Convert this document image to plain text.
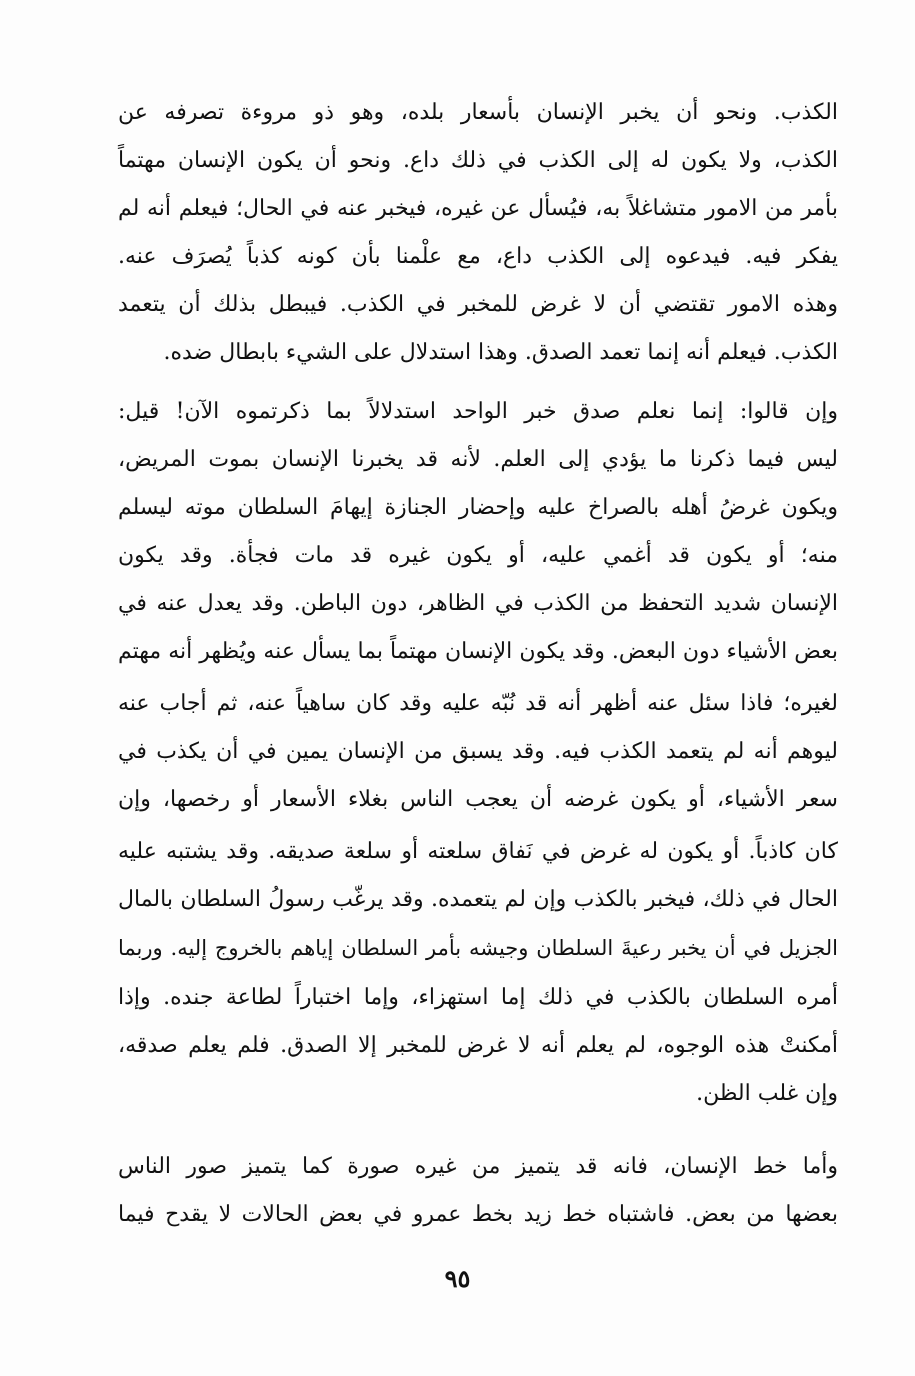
الكذب. ونحو أن يخبر الإنسان بأسعار بلده، وهو ذو مروءة تصرفه عن
الكذب، ولا يكون له إلى الكذب في ذلك داع. ونحو أن يكون الإنسان مهتماً
بأمر من الامور متشاغلاً به، فيُسأل عن غيره، فيخبر عنه في الحال؛ فيعلم أنه لم
يفكر فيه. فيدعوه إلى الكذب داع، مع علْمنا بأن كونه كذباً يُصرَف عنه.
وهذه الامور تقتضي أن لا غرض للمخبر في الكذب. فيبطل بذلك أن يتعمد
الكذب. فيعلم أنه إنما تعمد الصدق. وهذا استدلال على الشيء بابطال ضده.
وإن قالوا: إنما نعلم صدق خبر الواحد استدلالاً بما ذكرتموه الآن! قيل:
ليس فيما ذكرنا ما يؤدي إلى العلم. لأنه قد يخبرنا الإنسان بموت المريض،
ويكون غرضُ أهله بالصراخ عليه وإحضار الجنازة إيهامَ السلطان موته ليسلم
منه؛ أو يكون قد أغمي عليه، أو يكون غيره قد مات فجأة. وقد يكون
الإنسان شديد التحفظ من الكذب في الظاهر، دون الباطن. وقد يعدل عنه في
بعض الأشياء دون البعض. وقد يكون الإنسان مهتماً بما يسأل عنه ويُظهر أنه مهتم
لغيره؛ فاذا سئل عنه أظهر أنه قد نُبّه عليه وقد كان ساهياً عنه، ثم أجاب عنه
ليوهم أنه لم يتعمد الكذب فيه. وقد يسبق من الإنسان يمين في أن يكذب في
سعر الأشياء، أو يكون غرضه أن يعجب الناس بغلاء الأسعار أو رخصها، وإن
كان كاذباً. أو يكون له غرض في نَفاق سلعته أو سلعة صديقه. وقد يشتبه عليه
الحال في ذلك، فيخبر بالكذب وإن لم يتعمده. وقد يرغّب رسولُ السلطان بالمال
الجزيل في أن يخبر رعيةَ السلطان وجيشه بأمر السلطان إياهم بالخروج إليه. وربما
أمره السلطان بالكذب في ذلك إما استهزاء، وإما اختباراً لطاعة جنده. وإذا
أمكنتْ هذه الوجوه، لم يعلم أنه لا غرض للمخبر إلا الصدق. فلم يعلم صدقه،
وإن غلب الظن.
وأما خط الإنسان، فانه قد يتميز من غيره صورة كما يتميز صور الناس
بعضها من بعض. فاشتباه خط زيد بخط عمرو في بعض الحالات لا يقدح فيما
٩٥
